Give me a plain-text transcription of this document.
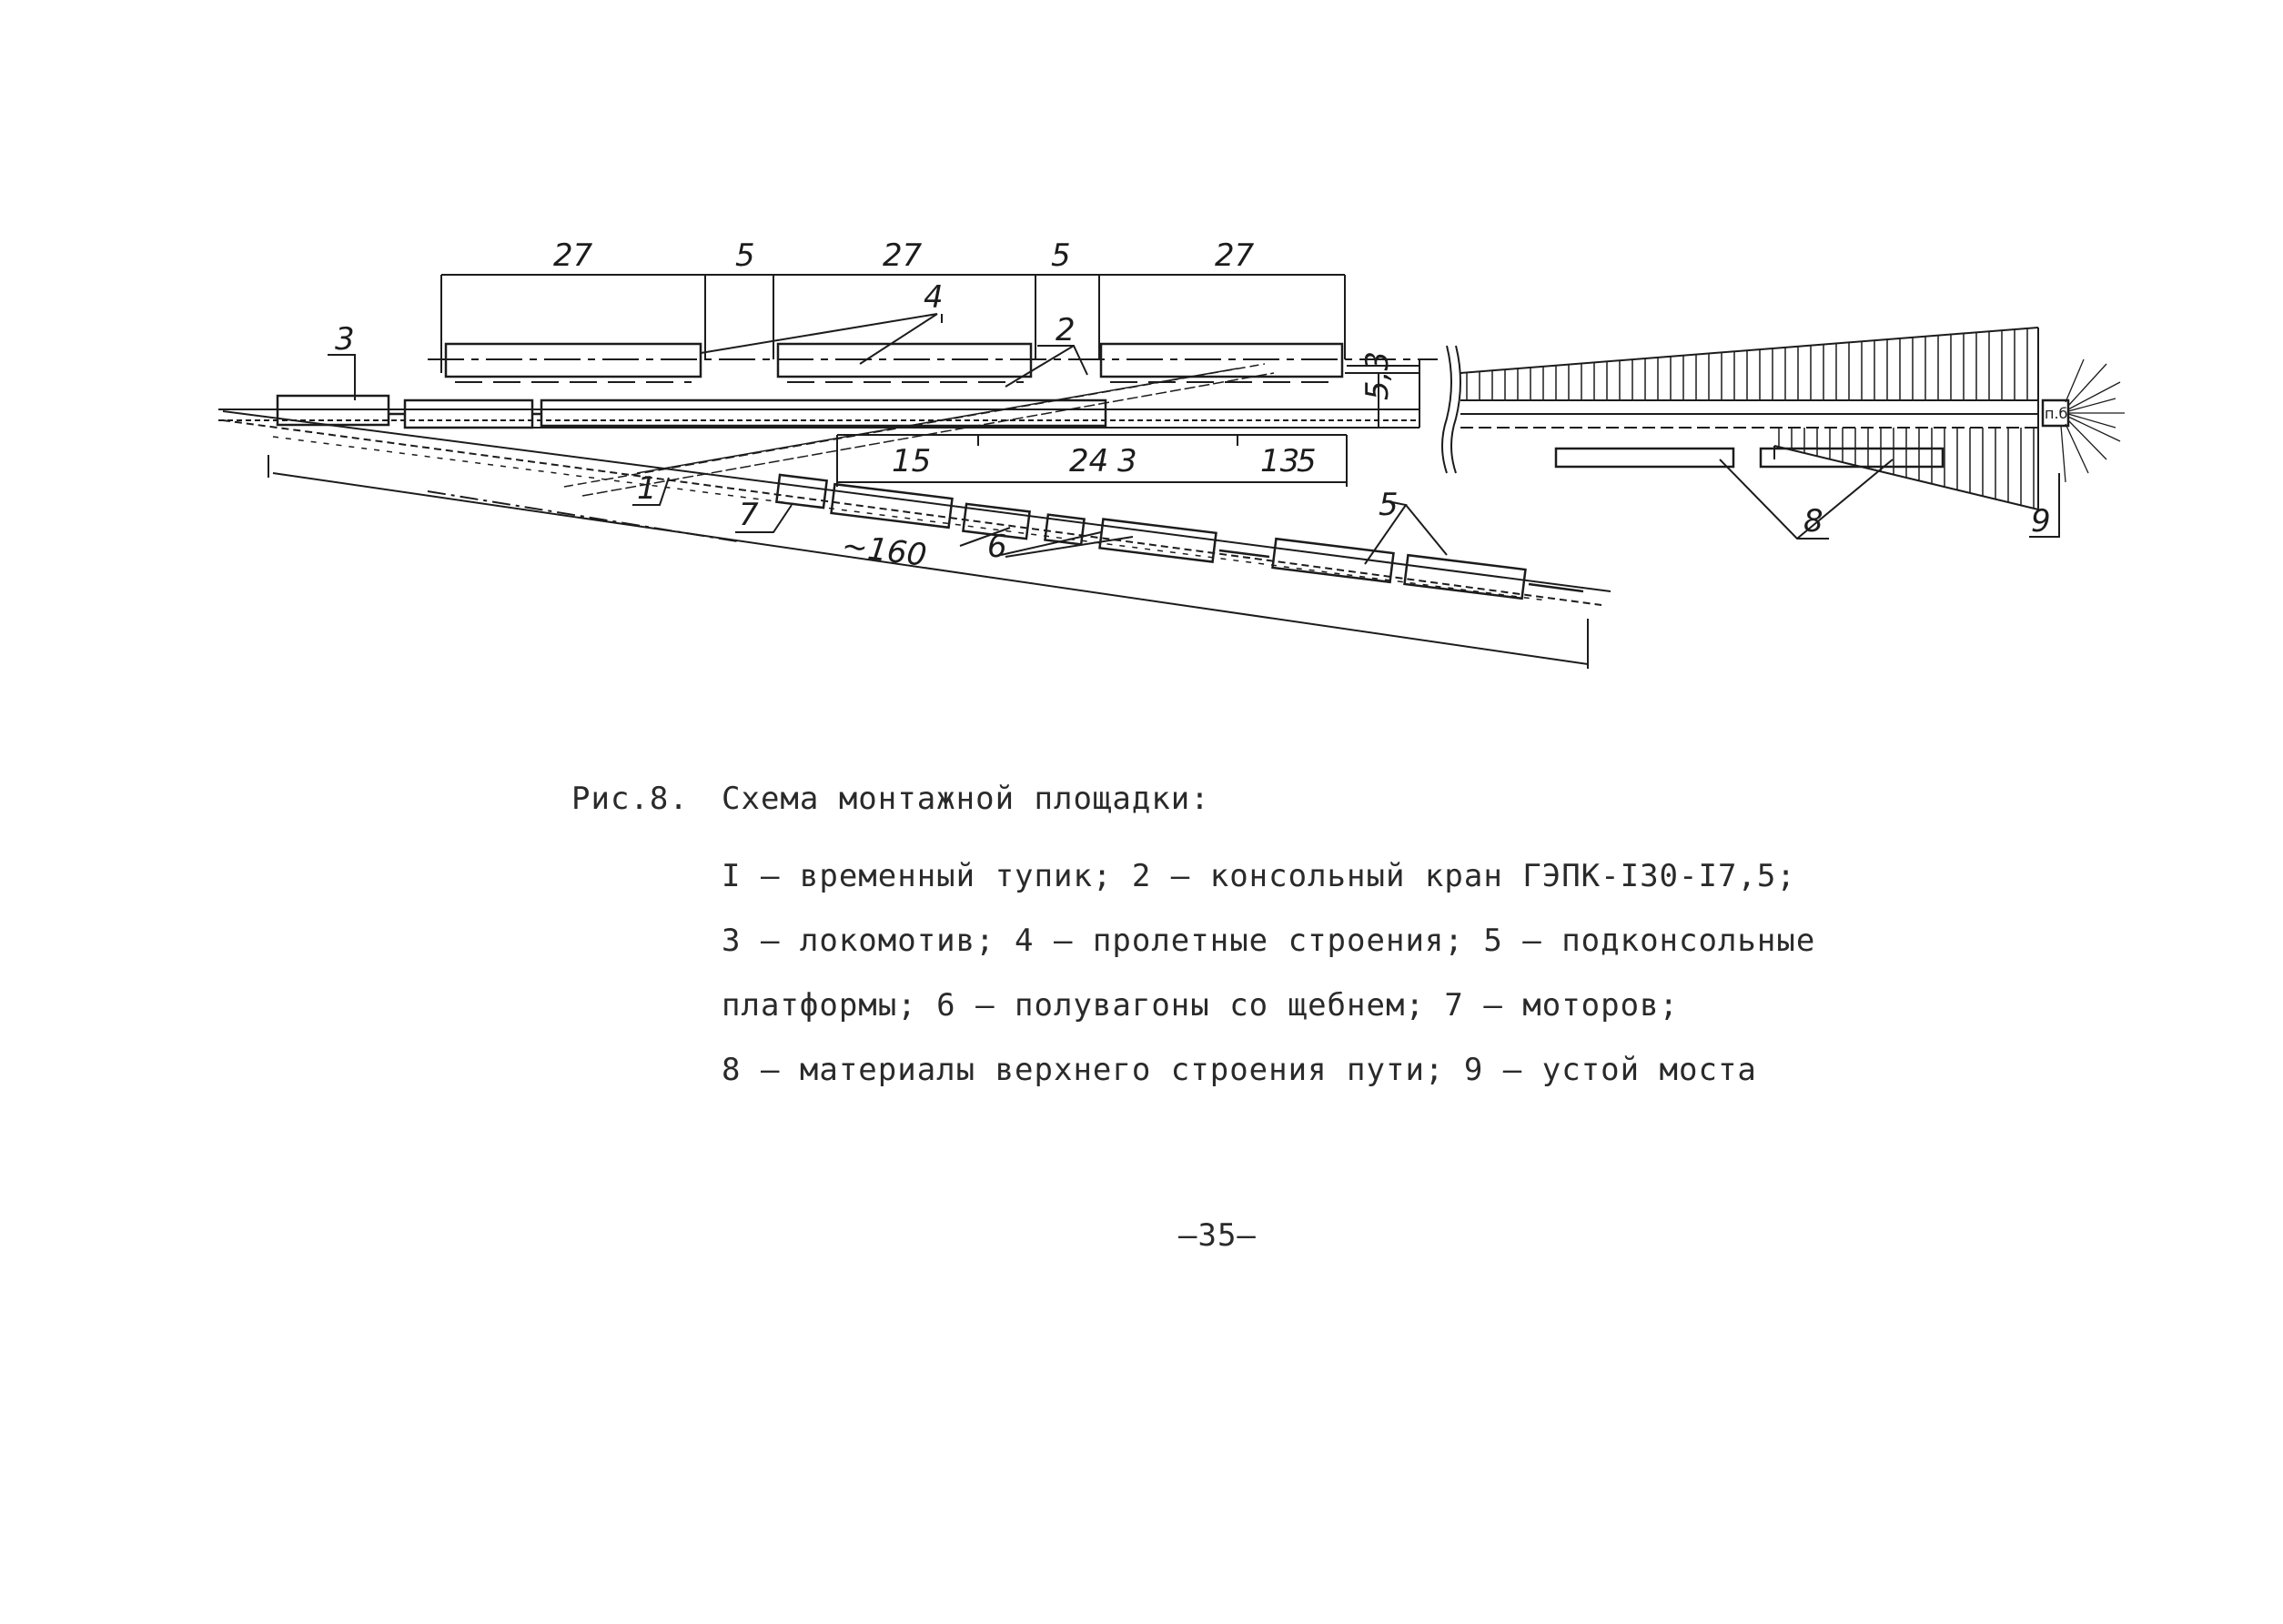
27	5	27	5	27
15	24 3	13
5
5,3
~160
1
2
3
4
5
6
7	8	9
п.б
Рис.8.	Схема монтажной площадки:
I – временный тупик; 2 – консольный кран ГЭПК-I30-I7,5;
3 – локомотив; 4 – пролетные строения; 5 – подконсольные
платформы; 6 – полувагоны со щебнем; 7 – моторов;
8 – материалы верхнего строения пути; 9 – устой моста
–35–
